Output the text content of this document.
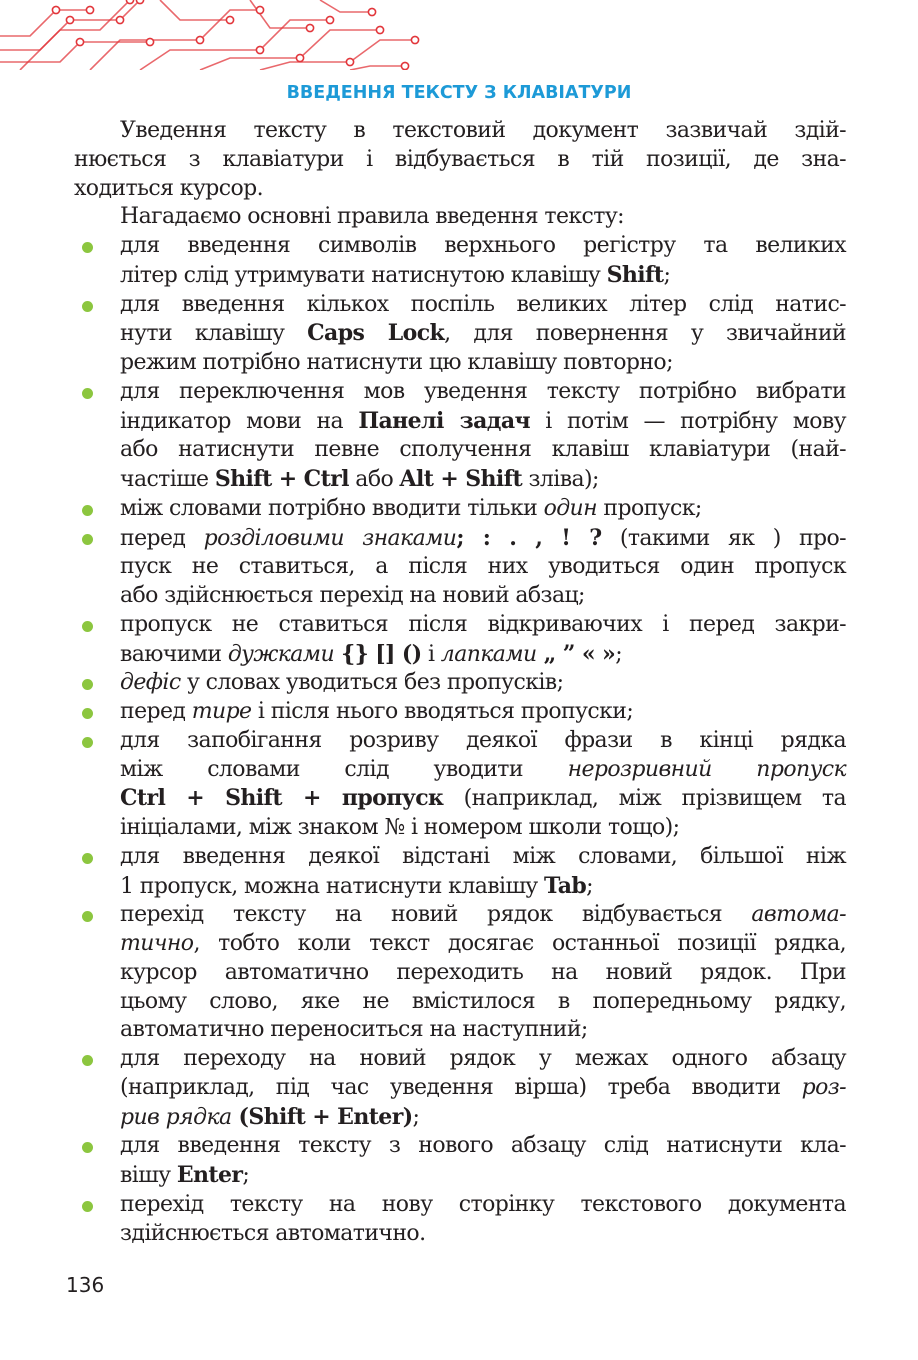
ВВЕДЕННЯ ТЕКСТУ З КЛАВІАТУРИ

Уведення тексту в текстовий документ зазвичай здій-
нюється з клавіатури і відбувається в тій позиції, де зна-
ходиться курсор.

Нагадаємо основні правила введення тексту:

для введення символів верхнього регістру та великих
літер слід утримувати натиснутою клавішу Shift;
для введення кількох поспіль великих літер слід натис-
нути клавішу Caps Lock, для повернення у звичайний
режим потрібно натиснути цю клавішу повторно;
для переключення мов уведення тексту потрібно вибрати
індикатор мови на Панелі задач і потім — потрібну мову
або натиснути певне сполучення клавіш клавіатури (най-
частіше Shift + Ctrl або Alt + Shift зліва);
між словами потрібно вводити тільки один пропуск;
перед розділовими знаками; : . , ! ? (такими як ) про-
пуск не ставиться, а після них уводиться один пропуск
або здійснюється перехід на новий абзац;
пропуск не ставиться після відкриваючих і перед закри-
ваючими дужками {} [] () і лапками „ ” « »;
дефіс у словах уводиться без пропусків;
перед тире і після нього вводяться пропуски;
для запобігання розриву деякої фрази в кінці рядка
між словами слід уводити нерозривний пропуск
Ctrl + Shift + пропуск (наприклад, між прізвищем та
ініціалами, між знаком № і номером школи тощо);
для введення деякої відстані між словами, більшої ніж
1 пропуск, можна натиснути клавішу Tab;
перехід тексту на новий рядок відбувається автома-
тично, тобто коли текст досягає останньої позиції рядка,
курсор автоматично переходить на новий рядок. При
цьому слово, яке не вмістилося в попередньому рядку,
автоматично переноситься на наступний;
для переходу на новий рядок у межах одного абзацу
(наприклад, під час уведення вірша) треба вводити роз-
рив рядка (Shift + Enter);
для введення тексту з нового абзацу слід натиснути кла-
вішу Enter;
перехід тексту на нову сторінку текстового документа
здійснюється автоматично.
136
